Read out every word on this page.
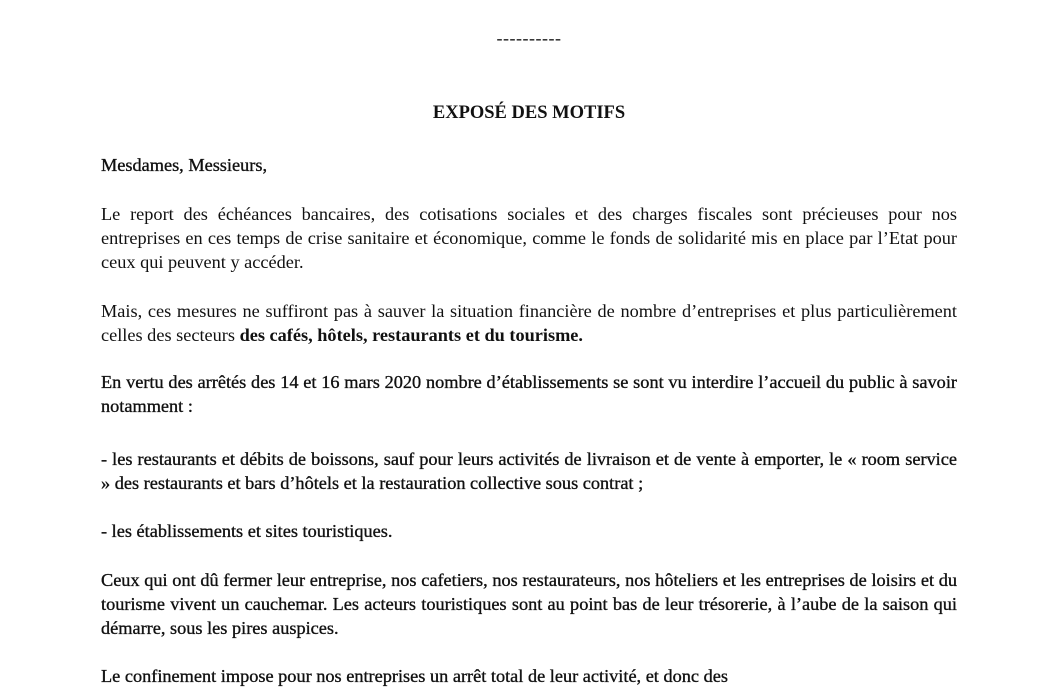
----------
EXPOSÉ DES MOTIFS

Mesdames, Messieurs,

Le report des échéances bancaires, des cotisations sociales et des charges fiscales sont précieuses pour nos entreprises en ces temps de crise sanitaire et économique, comme le fonds de solidarité mis en place par l’Etat pour ceux qui peuvent y accéder.

Mais, ces mesures ne suffiront pas à sauver la situation financière de nombre d’entreprises et plus particulièrement celles des secteurs des cafés, hôtels, restaurants et du tourisme.

En vertu des arrêtés des 14 et 16 mars 2020 nombre d’établissements se sont vu interdire l’accueil du public à savoir notamment :

- les restaurants et débits de boissons, sauf pour leurs activités de livraison et de vente à emporter, le « room service » des restaurants et bars d’hôtels et la restauration collective sous contrat ;

- les établissements et sites touristiques.

Ceux qui ont dû fermer leur entreprise, nos cafetiers, nos restaurateurs, nos hôteliers et les entreprises de loisirs et du tourisme vivent un cauchemar. Les acteurs touristiques sont au point bas de leur trésorerie, à l’aube de la saison qui démarre, sous les pires auspices.

Le confinement impose pour nos entreprises un arrêt total de leur activité, et donc des
